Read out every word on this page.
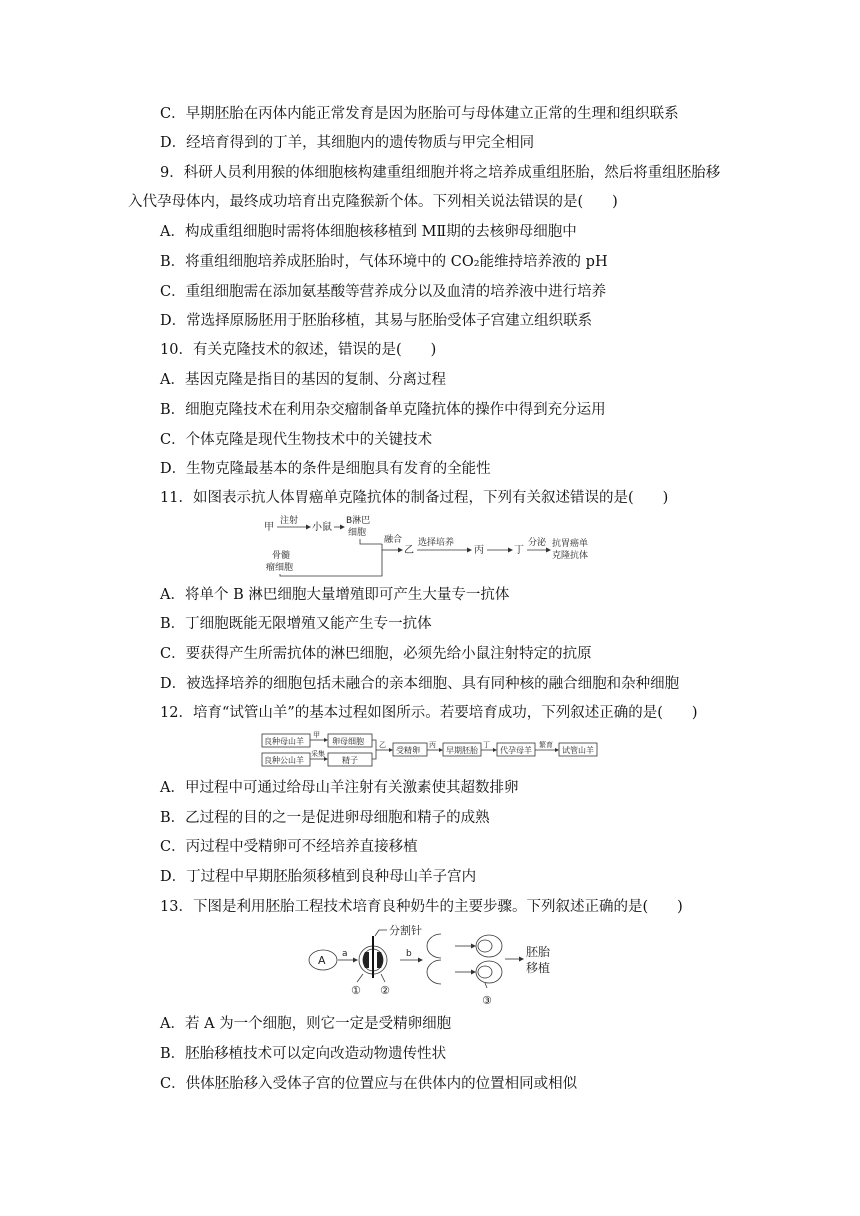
C．早期胚胎在丙体内能正常发育是因为胚胎可与母体建立正常的生理和组织联系
D．经培育得到的丁羊，其细胞内的遗传物质与甲完全相同
9．科研人员利用猴的体细胞核构建重组细胞并将之培养成重组胚胎，然后将重组胚胎移
入代孕母体内，最终成功培育出克隆猴新个体。下列相关说法错误的是(　　)
A．构成重组细胞时需将体细胞核移植到 MⅡ期的去核卵母细胞中
B．将重组细胞培养成胚胎时，气体环境中的 CO₂能维持培养液的 pH
C．重组细胞需在添加氨基酸等营养成分以及血清的培养液中进行培养
D．常选择原肠胚用于胚胎移植，其易与胚胎受体子宫建立组织联系
10．有关克隆技术的叙述，错误的是(　　)
A．基因克隆是指目的基因的复制、分离过程
B．细胞克隆技术在利用杂交瘤制备单克隆抗体的操作中得到充分运用
C．个体克隆是现代生物技术中的关键技术
D．生物克隆最基本的条件是细胞具有发育的全能性
11．如图表示抗人体胃癌单克隆抗体的制备过程，下列有关叙述错误的是(　　)
甲
注射
小鼠
B淋巴
细胞
骨髓
瘤细胞
融合
乙
选择培养
丙	丁
分泌 抗胃癌单
克隆抗体
A．将单个 B 淋巴细胞大量增殖即可产生大量专一抗体
B．丁细胞既能无限增殖又能产生专一抗体
C．要获得产生所需抗体的淋巴细胞，必须先给小鼠注射特定的抗原
D．被选择培养的细胞包括未融合的亲本细胞、具有同种核的融合细胞和杂种细胞
12．培育“试管山羊”的基本过程如图所示。若要培育成功，下列叙述正确的是(　　)
良种母山羊
良种公山羊
甲
采集
卵母细胞
精子
乙
受精卵
丙
早期胚胎
丁
代孕母羊
繁育
试管山羊
A．甲过程中可通过给母山羊注射有关激素使其超数排卵
B．乙过程的目的之一是促进卵母细胞和精子的成熟
C．丙过程中受精卵可不经培养直接移植
D．丁过程中早期胚胎须移植到良种母山羊子宫内
13．下图是利用胚胎工程技术培育良种奶牛的主要步骤。下列叙述正确的是(　　)
A a
分割针
① ②
b
③
胚胎
移植
A．若 A 为一个细胞，则它一定是受精卵细胞
B．胚胎移植技术可以定向改造动物遗传性状
C．供体胚胎移入受体子宫的位置应与在供体内的位置相同或相似
